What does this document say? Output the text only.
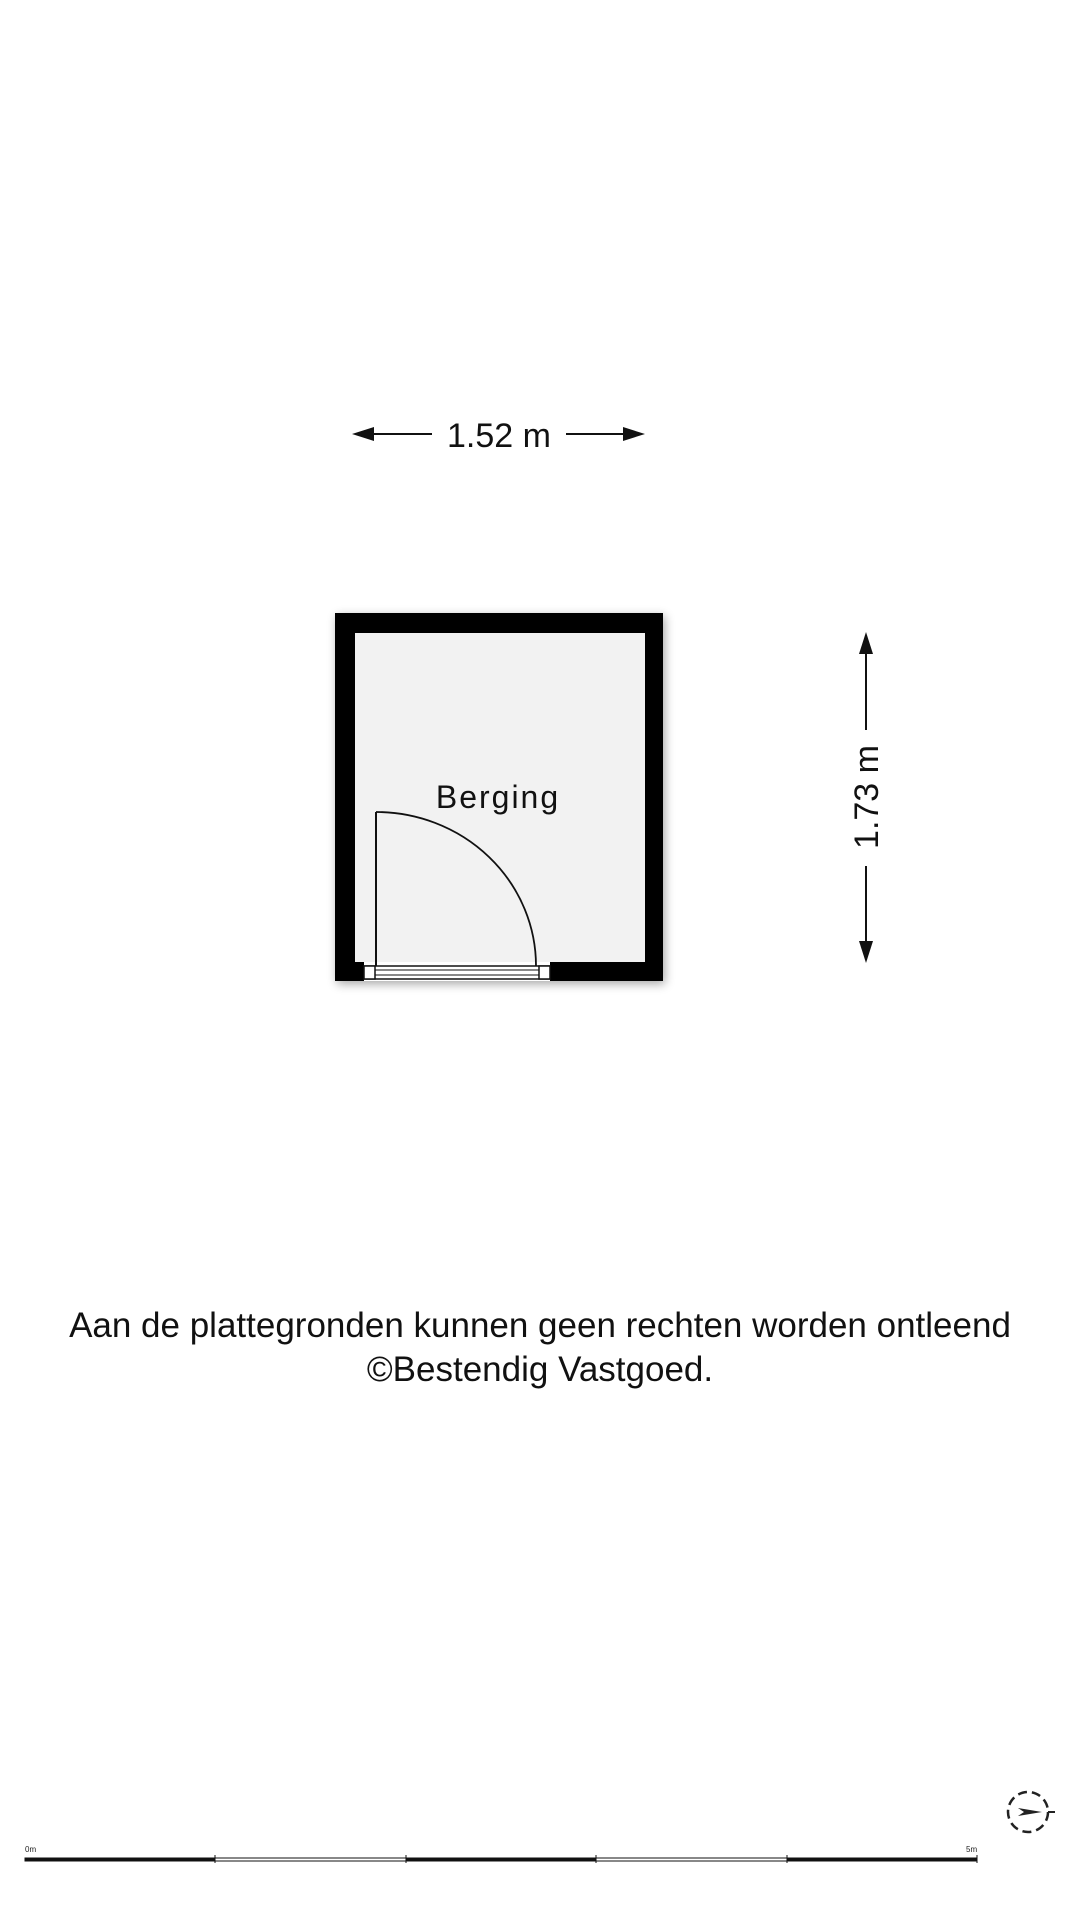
1.52 m
1.73 m
Berging
0m	5m
Aan de plattegronden kunnen geen rechten worden ontleend
©Bestendig Vastgoed.
